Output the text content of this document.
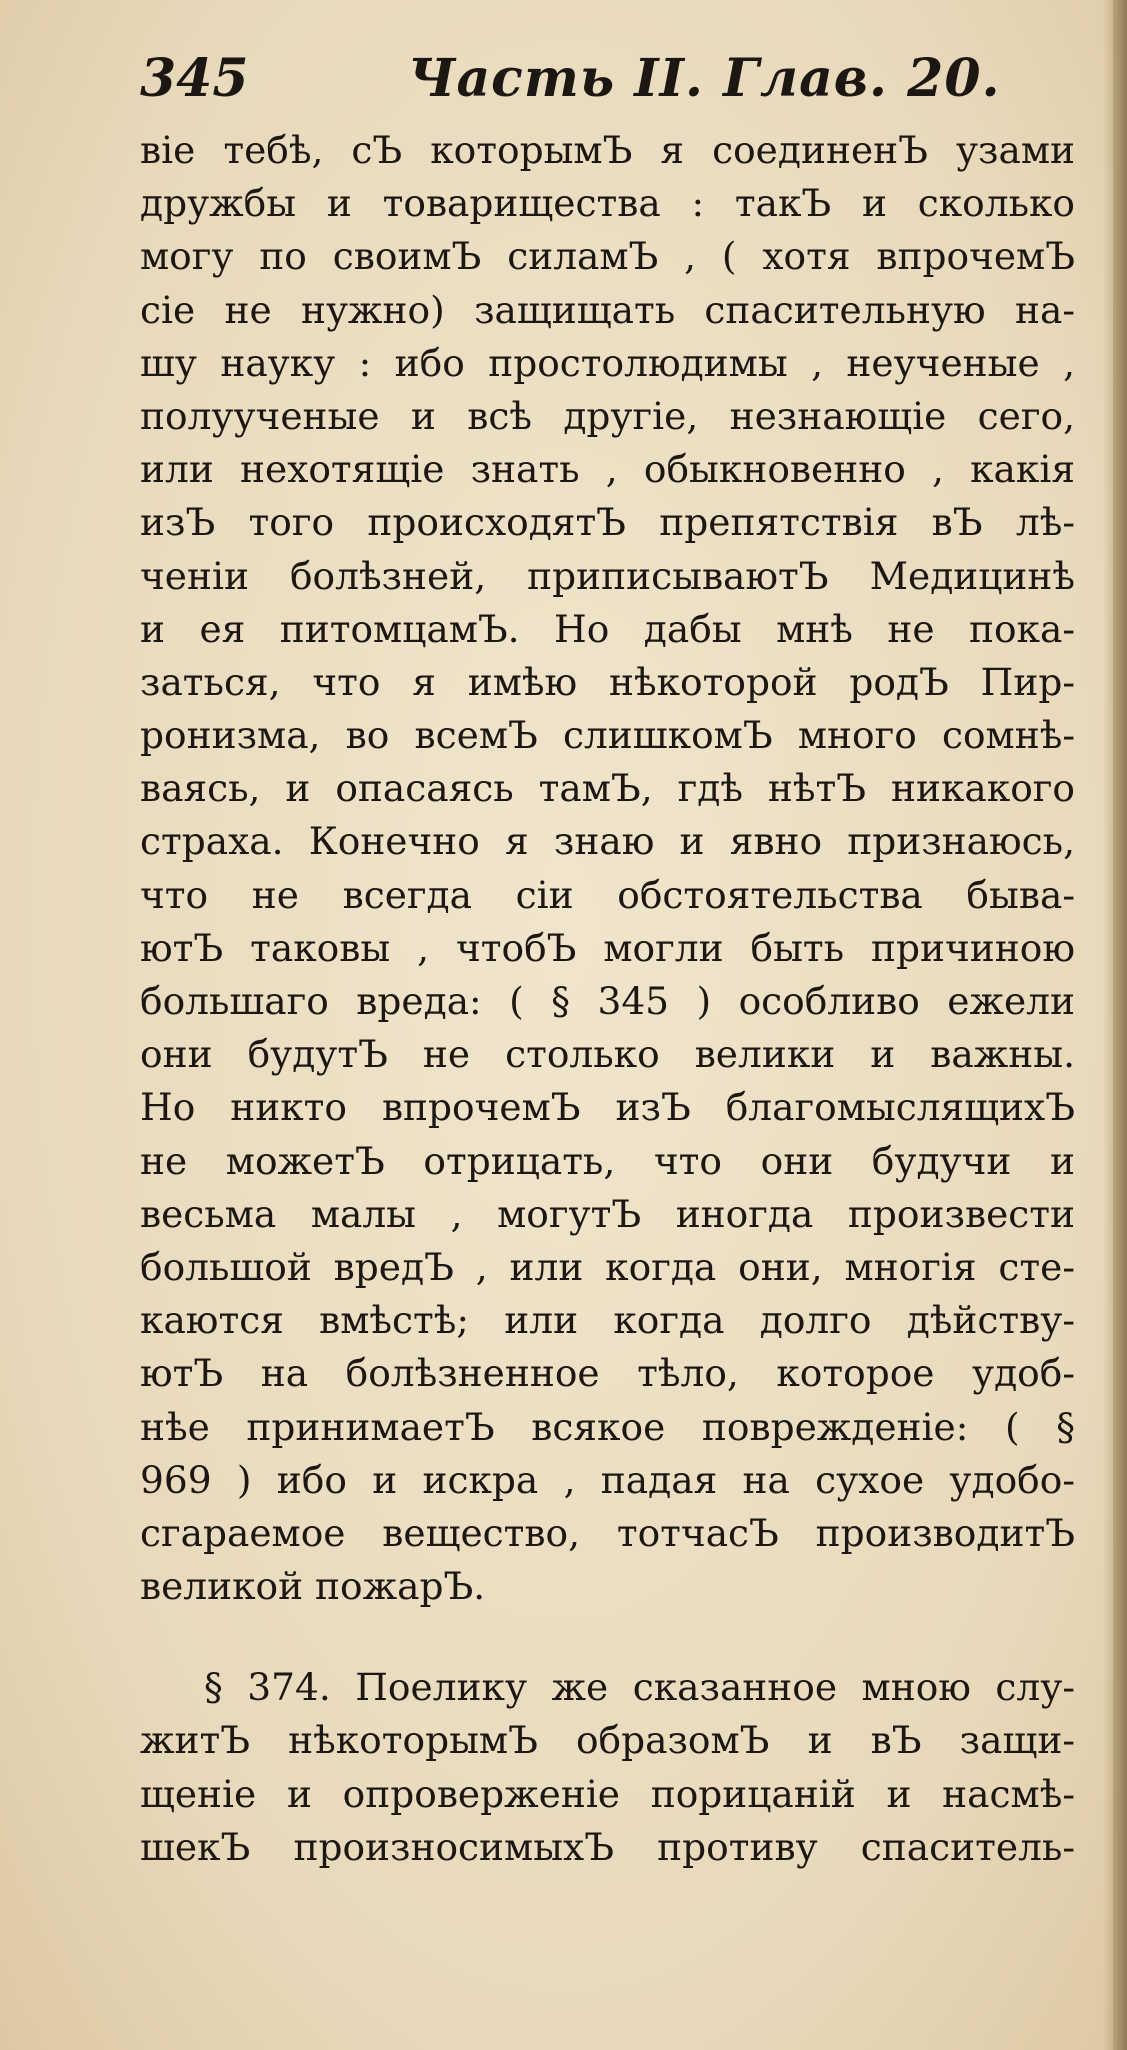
345	Часть II. Глав. 20.
віе тебѣ, сЪ которымЪ я соединенЪ узами
дружбы и товарищества : такЪ и сколько
могу по своимЪ силамЪ , ( хотя впрочемЪ
сіе не нужно) защищать спасительную на-
шу науку : ибо простолюдимы , неученые ,
полуученые и всѣ другіе, незнающіе сего,
или нехотящіе знать , обыкновенно , какія
изЪ того происходятЪ препятствія вЪ лѣ-
ченіи болѣзней, приписываютЪ Медицинѣ
и ея питомцамЪ. Но дабы мнѣ не пока-
заться, что я имѣю нѣкоторой родЪ Пир-
ронизма, во всемЪ слишкомЪ много сомнѣ-
ваясь, и опасаясь тамЪ, гдѣ нѣтЪ никакого
страха. Конечно я знаю и явно признаюсь,
что не всегда сіи обстоятельства быва-
ютЪ таковы , чтобЪ могли быть причиною
большаго вреда: ( § 345 ) особливо ежели
они будутЪ не столько велики и важны.
Но никто впрочемЪ изЪ благомыслящихЪ
не можетЪ отрицать, что они будучи и
весьма малы , могутЪ иногда произвести
большой вредЪ , или когда они, многія сте-
каются вмѣстѣ; или когда долго дѣйству-
ютЪ на болѣзненное тѣло, которое удоб-
нѣе принимаетЪ всякое поврежденіе: ( §
969 ) ибо и искра , падая на сухое удобо-
сгараемое вещество, тотчасЪ производитЪ
великой пожарЪ.
§ 374. Поелику же сказанное мною слу-
житЪ нѣкоторымЪ образомЪ и вЪ защи-
щеніе и опроверженіе порицаній и насмѣ-
шекЪ произносимыхЪ противу спаситель-
